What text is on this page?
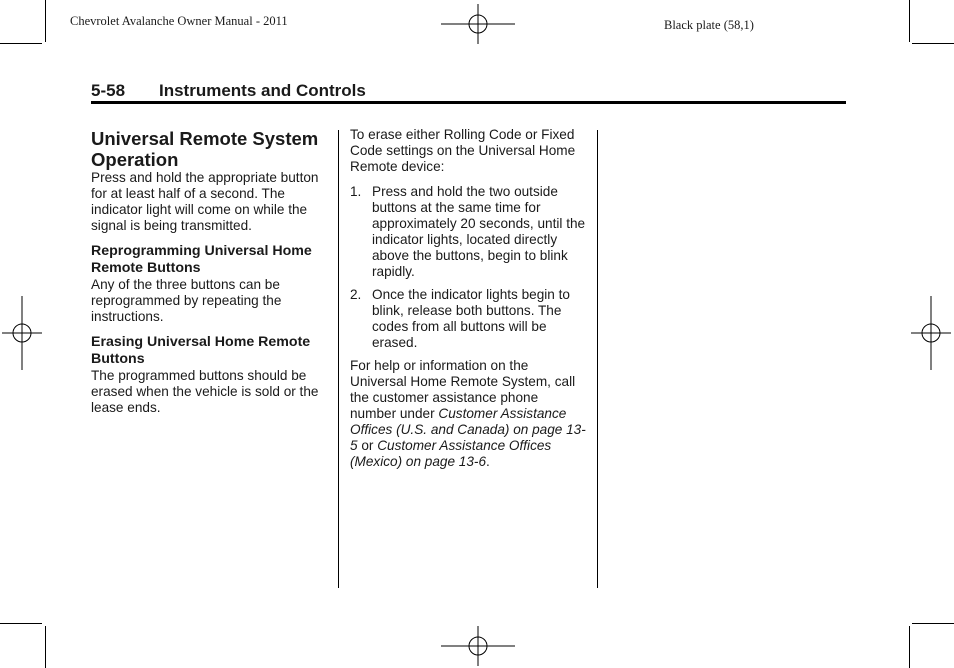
Chevrolet Avalanche Owner Manual - 2011	Black plate (58,1)
5-58 Instruments and Controls

Universal Remote System Operation

Press and hold the appropriate button for at least half of a second. The indicator light will come on while the signal is being transmitted.

Reprogramming Universal Home Remote Buttons

Any of the three buttons can be reprogrammed by repeating the instructions.

Erasing Universal Home Remote Buttons

The programmed buttons should be erased when the vehicle is sold or the lease ends.

To erase either Rolling Code or Fixed Code settings on the Universal Home Remote device:

1. Press and hold the two outside buttons at the same time for approximately 20 seconds, until the indicator lights, located directly above the buttons, begin to blink rapidly.
2. Once the indicator lights begin to blink, release both buttons. The codes from all buttons will be erased.

For help or information on the Universal Home Remote System, call the customer assistance phone number under Customer Assistance Offices (U.S. and Canada) on page 13-5 or Customer Assistance Offices (Mexico) on page 13-6.
